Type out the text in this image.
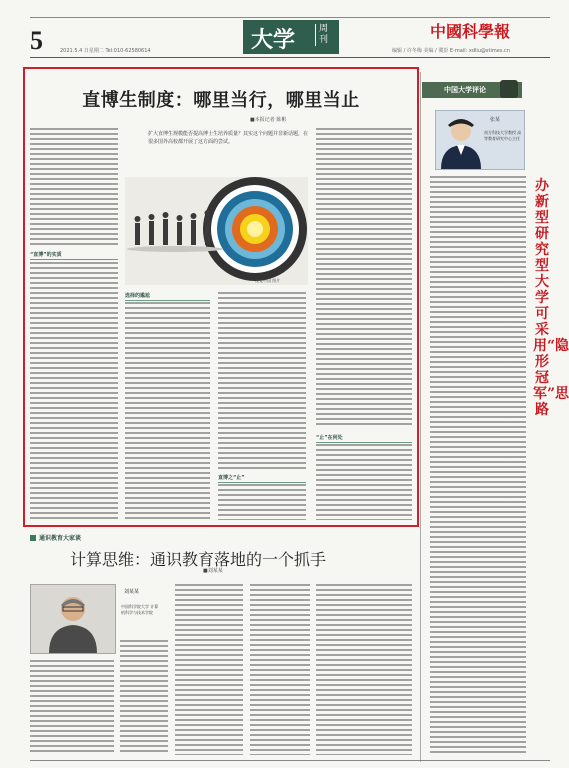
5	2021.5.4 日星期二 Tel:010-62580614	大学	周刊	中國科學報
编辑 / 许冬梅 美编 / 冀彭 E-mail: xdliu@stimes.cn
直博生制度：哪里当行，哪里当止
■本报记者 陈彬
扩大直博生规模能否提高博士生培养质量？其实这个问题并非新话题，在很多国外高校都开展了这方面的尝试。
“直博”的实质
视觉中国 图片
选择的尴尬
直博之“止”
“止”在何处
中国大学评论
张某
南方科技大学教授 高等教育研究中心主任
办新型研究型大学可采用“隐形冠军”思路
通识教育大家谈
计算思维：通识教育落地的一个抓手
■刘某某
刘某某
中国科学院大学 计算机科学与技术学院
